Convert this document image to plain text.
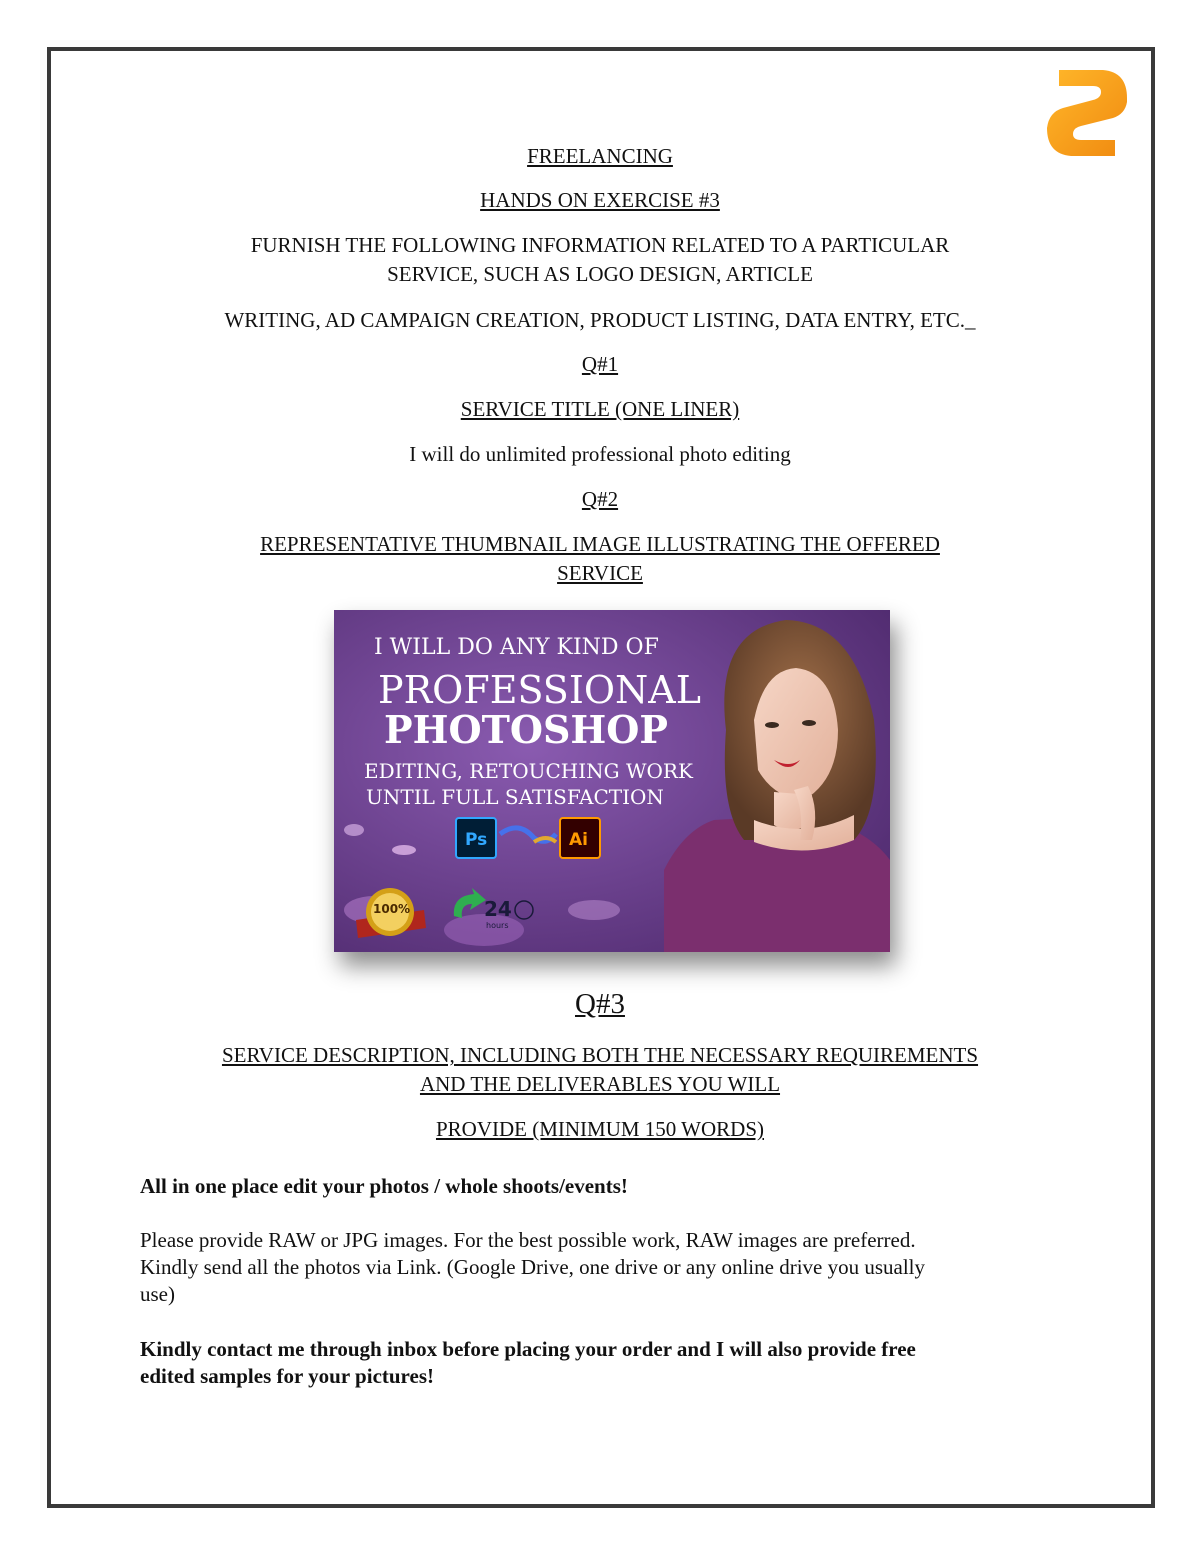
FREELANCING
HANDS ON EXERCISE #3
FURNISH THE FOLLOWING INFORMATION RELATED TO A PARTICULAR
SERVICE, SUCH AS LOGO DESIGN, ARTICLE
WRITING, AD CAMPAIGN CREATION, PRODUCT LISTING, DATA ENTRY, ETC._
Q#1
SERVICE TITLE (ONE LINER)
I will do unlimited professional photo editing
Q#2
REPRESENTATIVE THUMBNAIL IMAGE ILLUSTRATING THE OFFERED
SERVICE
I WILL DO ANY KIND OF
PROFESSIONAL
PHOTOSHOP
EDITING, RETOUCHING WORK
UNTIL FULL SATISFACTION
Ps	Ai
100%	24
hours
Q#3
SERVICE DESCRIPTION, INCLUDING BOTH THE NECESSARY REQUIREMENTS
AND THE DELIVERABLES YOU WILL
PROVIDE (MINIMUM 150 WORDS)
All in one place edit your photos / whole shoots/events!
Please provide RAW or JPG images. For the best possible work, RAW images are preferred.
Kindly send all the photos via Link. (Google Drive, one drive or any online drive you usually
use)
Kindly contact me through inbox before placing your order and I will also provide free
edited samples for your pictures!
